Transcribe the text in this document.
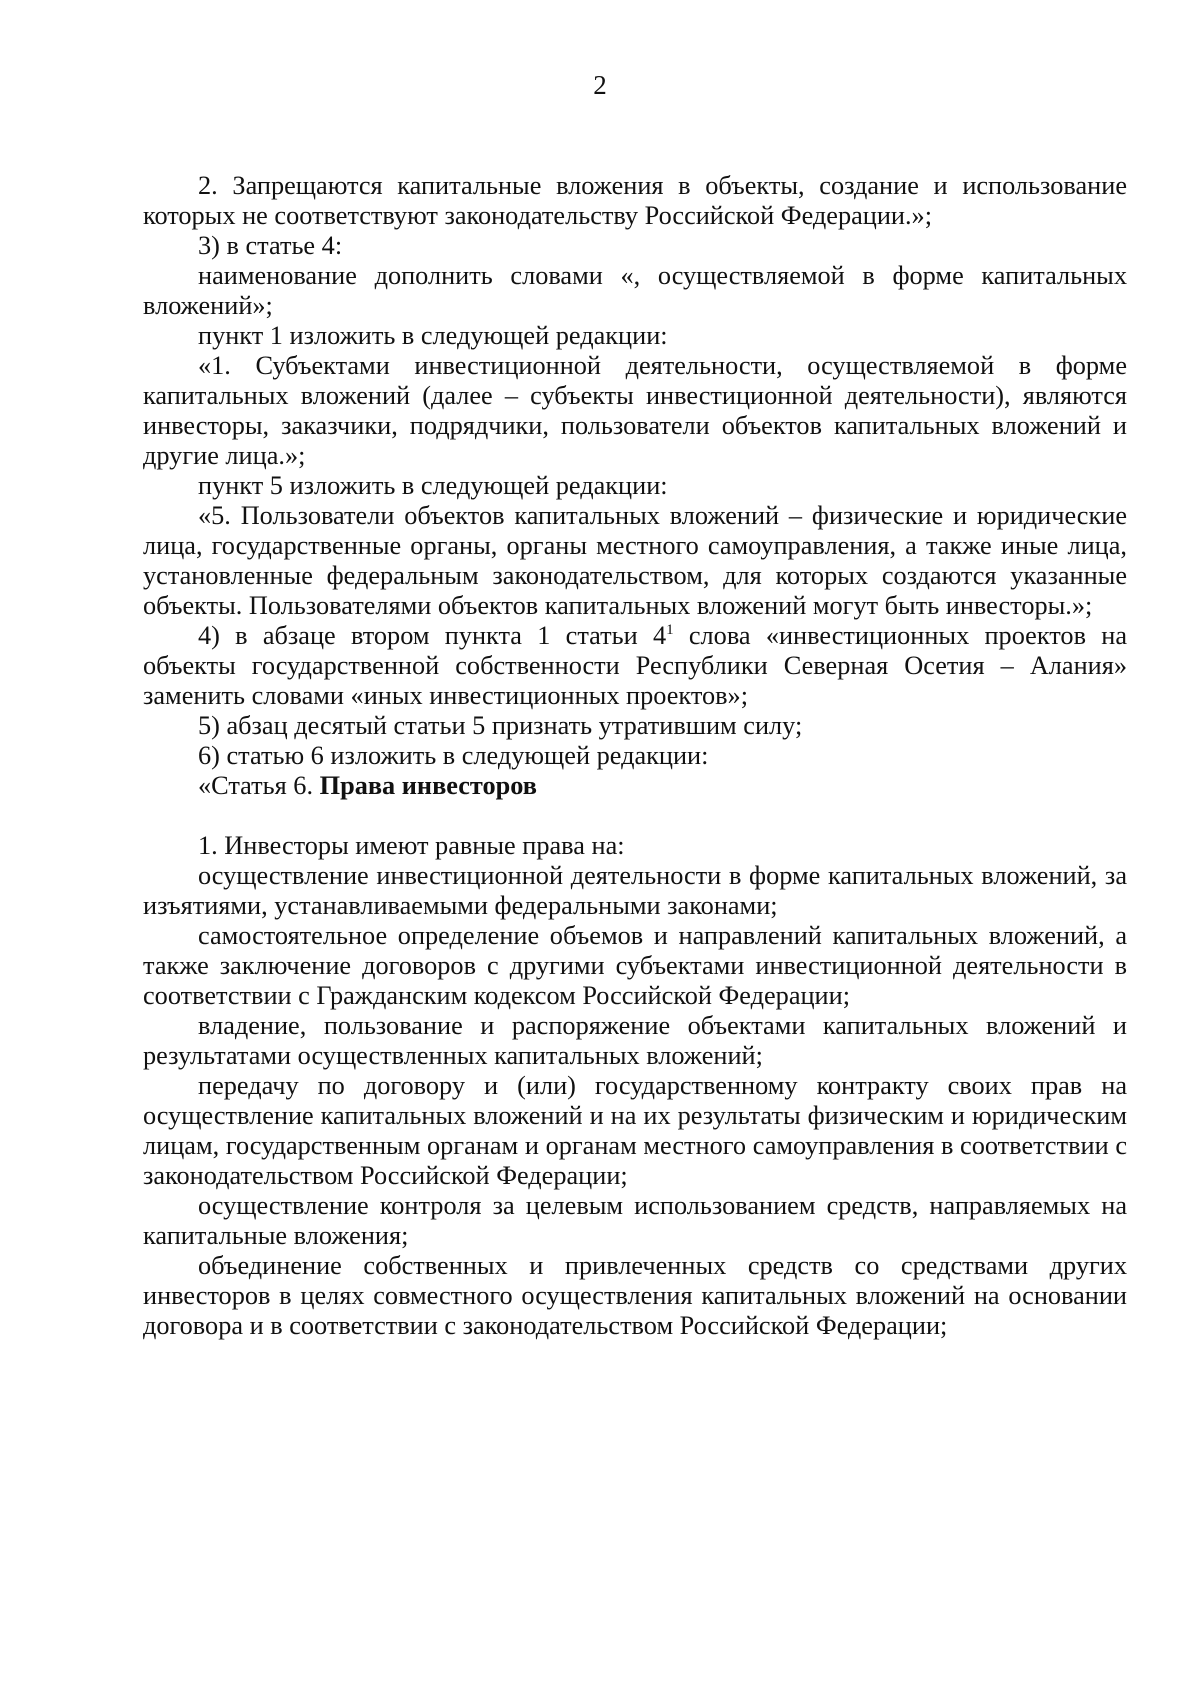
2

2. Запрещаются капитальные вложения в объекты, создание и использование которых не соответствуют законодательству Российской Федерации.»;

3) в статье 4:

наименование дополнить словами «, осуществляемой в форме капитальных вложений»;

пункт 1 изложить в следующей редакции:

«1. Субъектами инвестиционной деятельности, осуществляемой в форме капитальных вложений (далее – субъекты инвестиционной деятельности), являются инвесторы, заказчики, подрядчики, пользователи объектов капитальных вложений и другие лица.»;

пункт 5 изложить в следующей редакции:

«5. Пользователи объектов капитальных вложений – физические и юридические лица, государственные органы, органы местного самоуправления, а также иные лица, установленные федеральным законодательством, для которых создаются указанные объекты. Пользователями объектов капитальных вложений могут быть инвесторы.»;

4) в абзаце втором пункта 1 статьи $4^1$ слова «инвестиционных проектов на объекты государственной собственности Республики Северная Осетия – Алания» заменить словами «иных инвестиционных проектов»;

5) абзац десятый статьи 5 признать утратившим силу;

6) статью 6 изложить в следующей редакции:

«Статья 6. Права инвесторов

1. Инвесторы имеют равные права на:

осуществление инвестиционной деятельности в форме капитальных вложений, за изъятиями, устанавливаемыми федеральными законами;

самостоятельное определение объемов и направлений капитальных вложений, а также заключение договоров с другими субъектами инвестиционной деятельности в соответствии с Гражданским кодексом Российской Федерации;

владение, пользование и распоряжение объектами капитальных вложений и результатами осуществленных капитальных вложений;

передачу по договору и (или) государственному контракту своих прав на осуществление капитальных вложений и на их результаты физическим и юридическим лицам, государственным органам и органам местного самоуправления в соответствии с законодательством Российской Федерации;

осуществление контроля за целевым использованием средств, направляемых на капитальные вложения;

объединение собственных и привлеченных средств со средствами других инвесторов в целях совместного осуществления капитальных вложений на основании договора и в соответствии с законодательством Российской Федерации;
